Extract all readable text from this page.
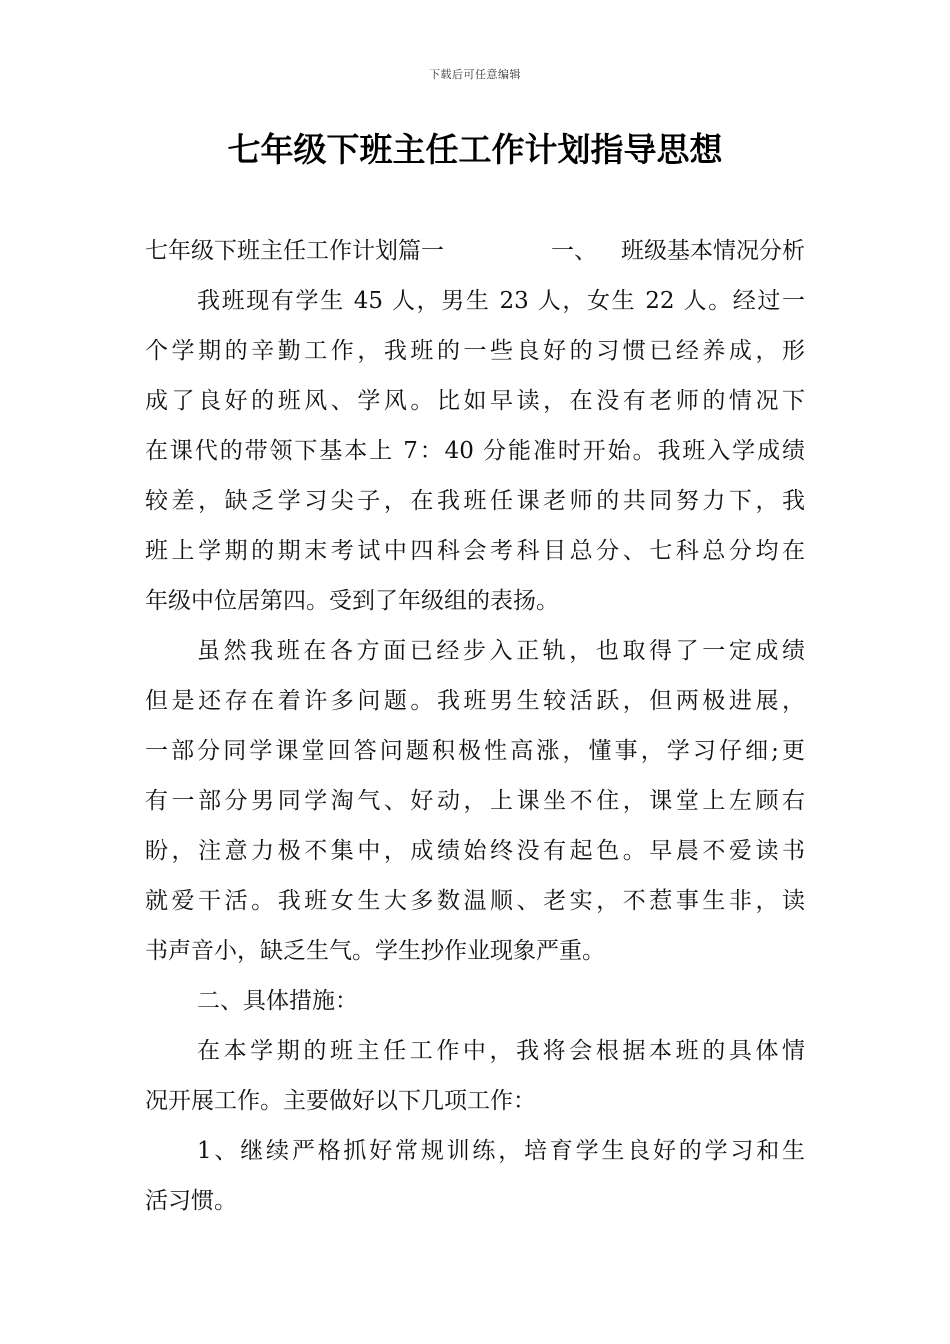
下载后可任意编辑
七年级下班主任工作计划指导思想
七年级下班主任工作计划篇一	一、 班级基本情况分析
我班现有学生 45 人，男生 23 人，女生 22 人。经过一
个学期的辛勤工作，我班的一些良好的习惯已经养成，形
成了良好的班风、学风。比如早读，在没有老师的情况下
在课代的带领下基本上 7：40 分能准时开始。我班入学成绩
较差，缺乏学习尖子，在我班任课老师的共同努力下，我
班上学期的期末考试中四科会考科目总分、七科总分均在
年级中位居第四。受到了年级组的表扬。
虽然我班在各方面已经步入正轨，也取得了一定成绩
但是还存在着许多问题。我班男生较活跃，但两极进展，
一部分同学课堂回答问题积极性高涨，懂事，学习仔细;更
有一部分男同学淘气、好动，上课坐不住，课堂上左顾右
盼，注意力极不集中，成绩始终没有起色。早晨不爱读书
就爱干活。我班女生大多数温顺、老实，不惹事生非，读
书声音小，缺乏生气。学生抄作业现象严重。
二、具体措施：
在本学期的班主任工作中，我将会根据本班的具体情
况开展工作。主要做好以下几项工作：
1、继续严格抓好常规训练，培育学生良好的学习和生
活习惯。
